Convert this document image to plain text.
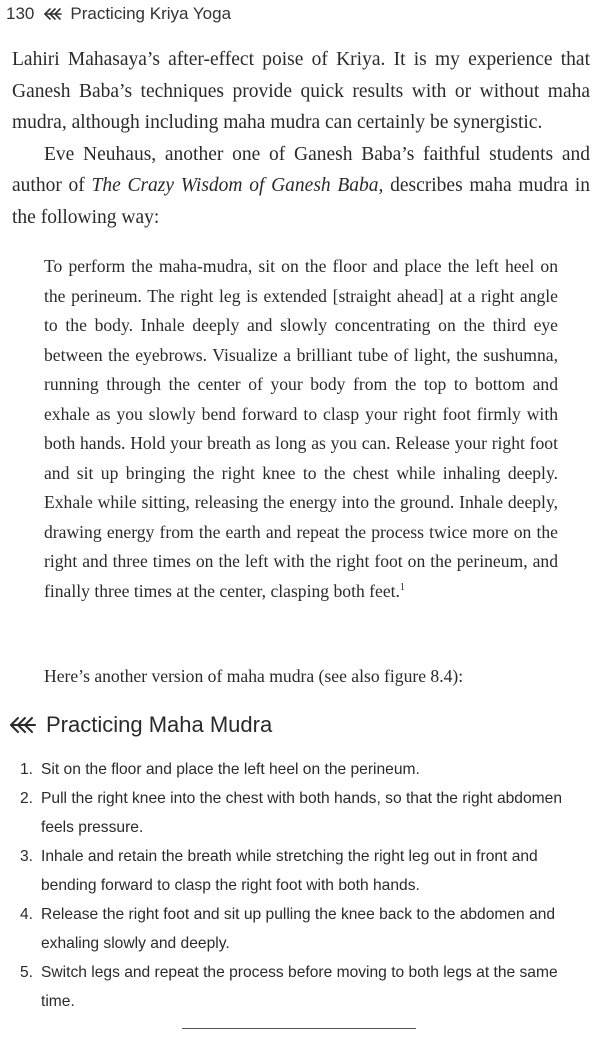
130 Practicing Kriya Yoga

Lahiri Mahasaya’s after-effect poise of Kriya. It is my experience that Ganesh Baba’s techniques provide quick results with or without maha mudra, although including maha mudra can certainly be synergistic.

Eve Neuhaus, another one of Ganesh Baba’s faithful students and author of The Crazy Wisdom of Ganesh Baba, describes maha mudra in the following way:

To perform the maha-mudra, sit on the floor and place the left heel on the perineum. The right leg is extended [straight ahead] at a right angle to the body. Inhale deeply and slowly concentrating on the third eye between the eyebrows. Visualize a brilliant tube of light, the sushumna, running through the center of your body from the top to bottom and exhale as you slowly bend forward to clasp your right foot firmly with both hands. Hold your breath as long as you can. Release your right foot and sit up bringing the right knee to the chest while inhaling deeply. Exhale while sitting, releasing the energy into the ground. Inhale deeply, drawing energy from the earth and repeat the process twice more on the right and three times on the left with the right foot on the perineum, and finally three times at the center, clasping both feet.$^1$

Here’s another version of maha mudra (see also figure 8.4):
Practicing Maha Mudra
1. Sit on the floor and place the left heel on the perineum.
2. Pull the right knee into the chest with both hands, so that the right abdomen feels pressure.
3. Inhale and retain the breath while stretching the right leg out in front and bending forward to clasp the right foot with both hands.
4. Release the right foot and sit up pulling the knee back to the abdomen and exhaling slowly and deeply.
5. Switch legs and repeat the process before moving to both legs at the same time.
